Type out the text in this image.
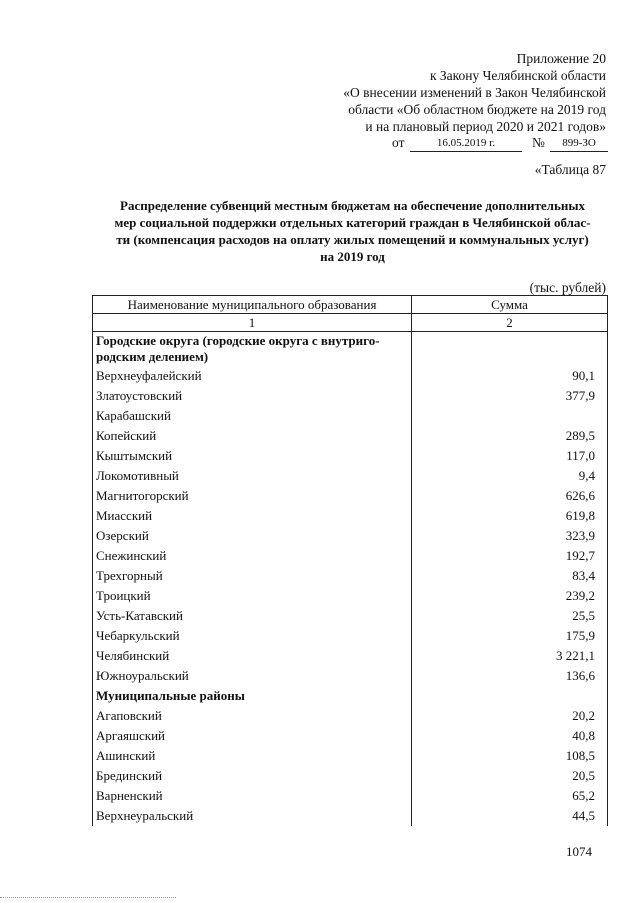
Приложение 20
к Закону Челябинской области
«О внесении изменений в Закон Челябинской
области «Об областном бюджете на 2019 год
и на плановый период 2020 и 2021 годов»
от	16.05.2019 г.	№	899-ЗО
«Таблица 87
Распределение субвенций местным бюджетам на обеспечение дополнительных
мер социальной поддержки отдельных категорий граждан в Челябинской облас-
ти (компенсация расходов на оплату жилых помещений и коммунальных услуг)
на 2019 год
(тыс. рублей)
Наименование муниципального образования	Сумма
1	2

Городские округа (городские округа с внутриго-
родским делением)	

Верхнеуфалейский	90,1
Златоустовский	377,9
Карабашский	
Копейский	289,5
Кыштымский	117,0
Локомотивный	9,4
Магнитогорский	626,6
Миасский	619,8
Озерский	323,9
Снежинский	192,7
Трехгорный	83,4
Троицкий	239,2
Усть-Катавский	25,5
Чебаркульский	175,9
Челябинский	3 221,1
Южноуральский	136,6

Муниципальные районы	

Агаповский	20,2
Аргаяшский	40,8
Ашинский	108,5
Брединский	20,5
Варненский	65,2
Верхнеуральский	44,5
1074
